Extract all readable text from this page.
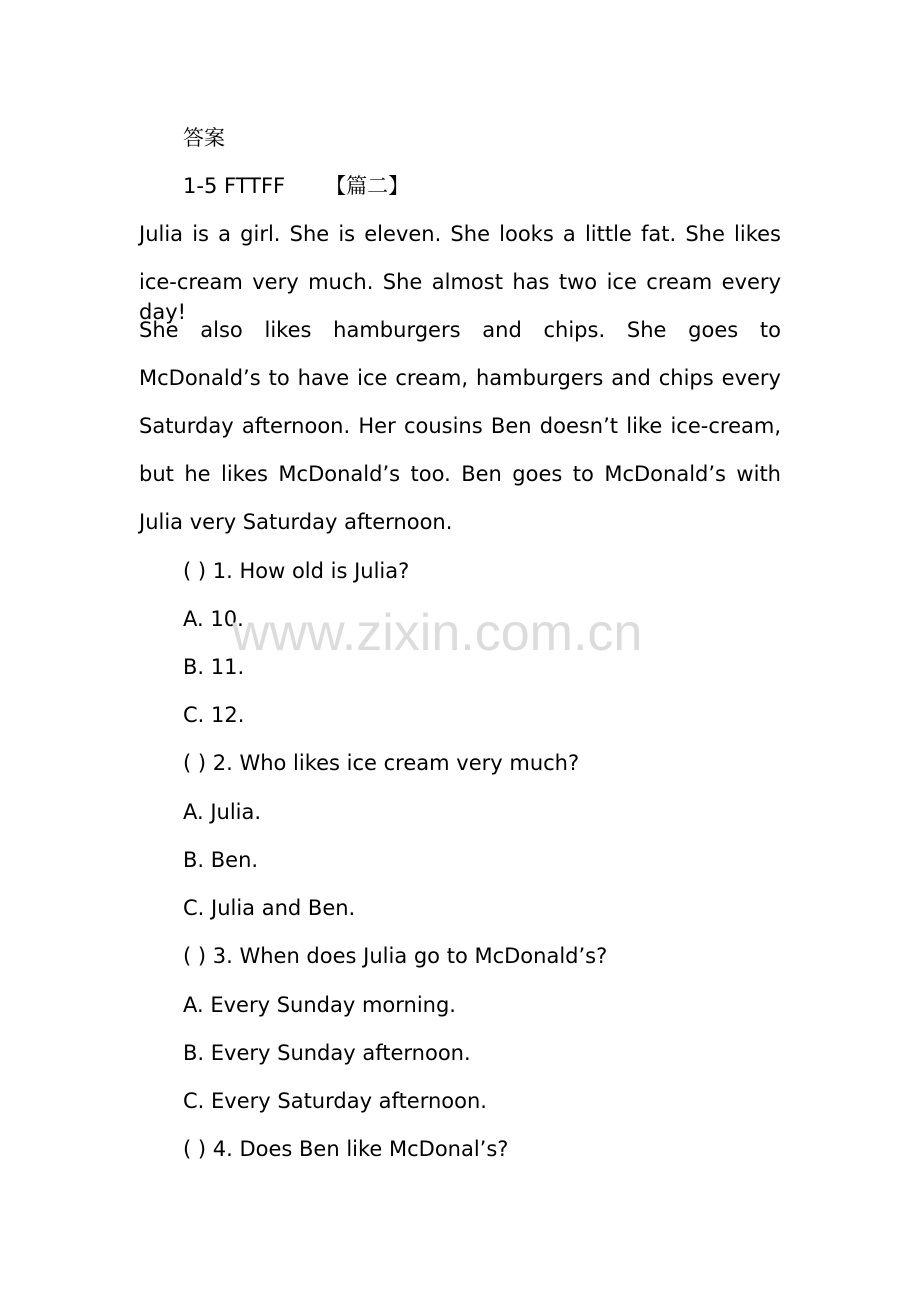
答案
1-5 FTTFF 【篇二】
Julia is a girl. She is eleven. She looks a little fat. She likes
ice-cream very much. She almost has two ice cream every day!
She also likes hamburgers and chips. She goes to
McDonald’s to have ice cream, hamburgers and chips every
Saturday afternoon. Her cousins Ben doesn’t like ice-cream,
but he likes McDonald’s too. Ben goes to McDonald’s with
Julia very Saturday afternoon.
( ) 1. How old is Julia?
A. 10.
B. 11.
C. 12.
( ) 2. Who likes ice cream very much?
A. Julia.
B. Ben.
C. Julia and Ben.
( ) 3. When does Julia go to McDonald’s?
A. Every Sunday morning.
B. Every Sunday afternoon.
C. Every Saturday afternoon.
( ) 4. Does Ben like McDonal’s?
www.zixin.com.cn
